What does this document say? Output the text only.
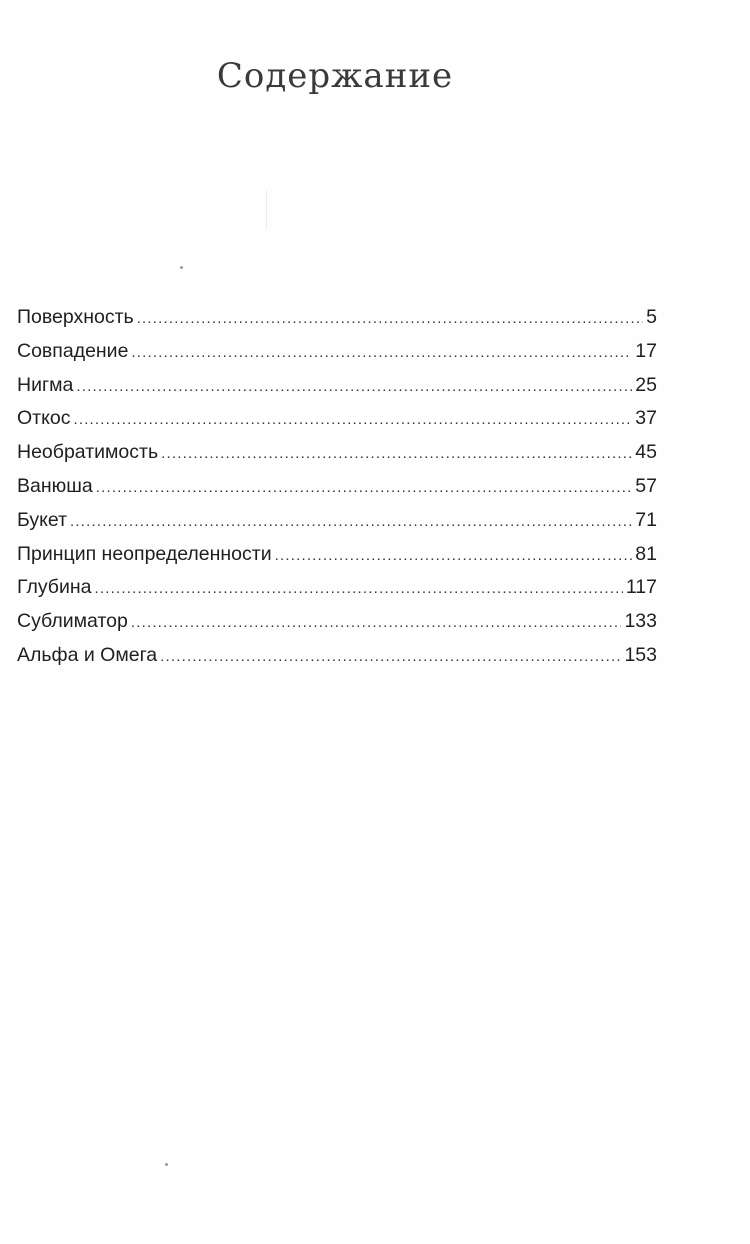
Содержание
Поверхность .....	5
Совпадение .....	17
Нигма .....	25
Откос .....	37
Необратимость .....	45
Ванюша .....	57
Букет .....	71
Принцип неопределенности .....	81
Глубина .....	117
Сублиматор .....	133
Альфа и Омега .....	153
